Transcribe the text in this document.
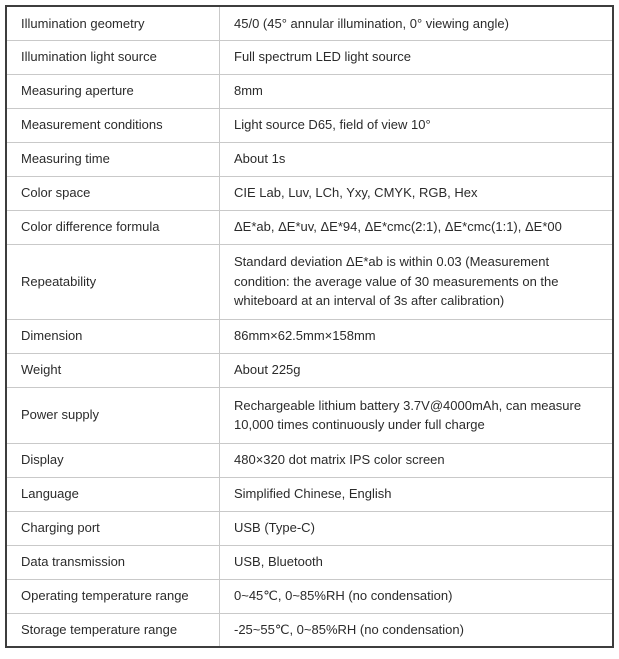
Illumination geometry	45/0 (45° annular illumination, 0° viewing angle)
Illumination light source	Full spectrum LED light source
Measuring aperture	8mm
Measurement conditions	Light source D65, field of view 10°
Measuring time	About 1s
Color space	CIE Lab, Luv, LCh, Yxy, CMYK, RGB, Hex
Color difference formula	ΔE*ab, ΔE*uv, ΔE*94, ΔE*cmc(2:1), ΔE*cmc(1:1), ΔE*00
Repeatability	Standard deviation ΔE*ab is within 0.03 (Measurement condition: the average value of 30 measurements on the whiteboard at an interval of 3s after calibration)
Dimension	86mm×62.5mm×158mm
Weight	About 225g
Power supply	Rechargeable lithium battery 3.7V@4000mAh, can measure 10,000 times continuously under full charge
Display	480×320 dot matrix IPS color screen
Language	Simplified Chinese, English
Charging port	USB (Type-C)
Data transmission	USB, Bluetooth
Operating temperature range	0~45℃, 0~85%RH (no condensation)
Storage temperature range	-25~55℃, 0~85%RH (no condensation)
